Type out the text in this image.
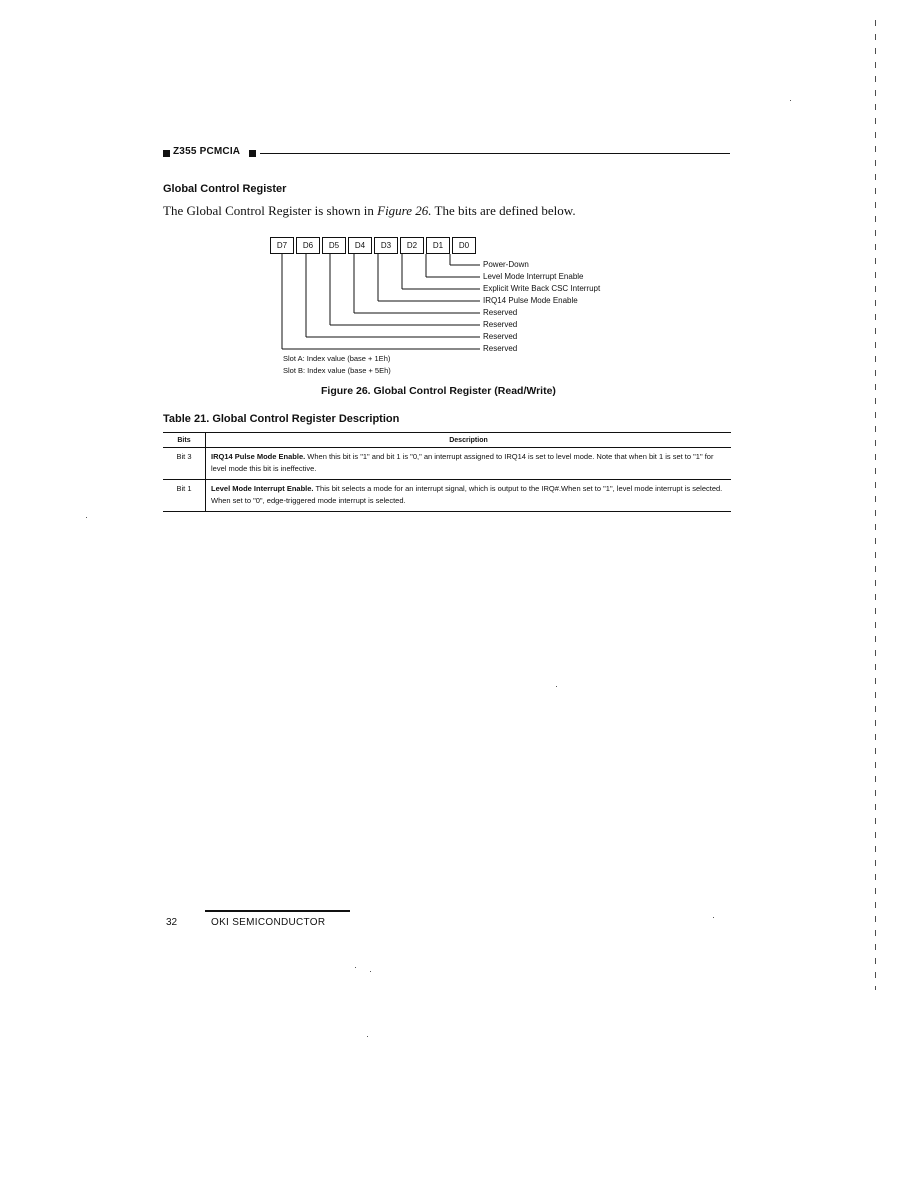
Z355 PCMCIA
Global Control Register

The Global Control Register is shown in Figure 26. The bits are defined below.

D7	D6	D5	D4	D3	D2	D1	D0
Power-Down
Level Mode Interrupt Enable
Explicit Write Back CSC Interrupt
IRQ14 Pulse Mode Enable
Reserved
Reserved
Reserved
Reserved
Slot A: Index value (base + 1Eh)
Slot B: Index value (base + 5Eh)
Figure 26. Global Control Register (Read/Write)
Table 21. Global Control Register Description
Bits	Description
Bit 3	IRQ14 Pulse Mode Enable. When this bit is "1" and bit 1 is "0," an interrupt assigned to IRQ14 is set to level mode. Note that when bit 1 is set to "1" for level mode this bit is ineffective.
Bit 1	Level Mode Interrupt Enable. This bit selects a mode for an interrupt signal, which is output to the IRQ#.When set to "1", level mode interrupt is selected. When set to "0", edge-triggered mode interrupt is selected.
32	OKI SEMICONDUCTOR
